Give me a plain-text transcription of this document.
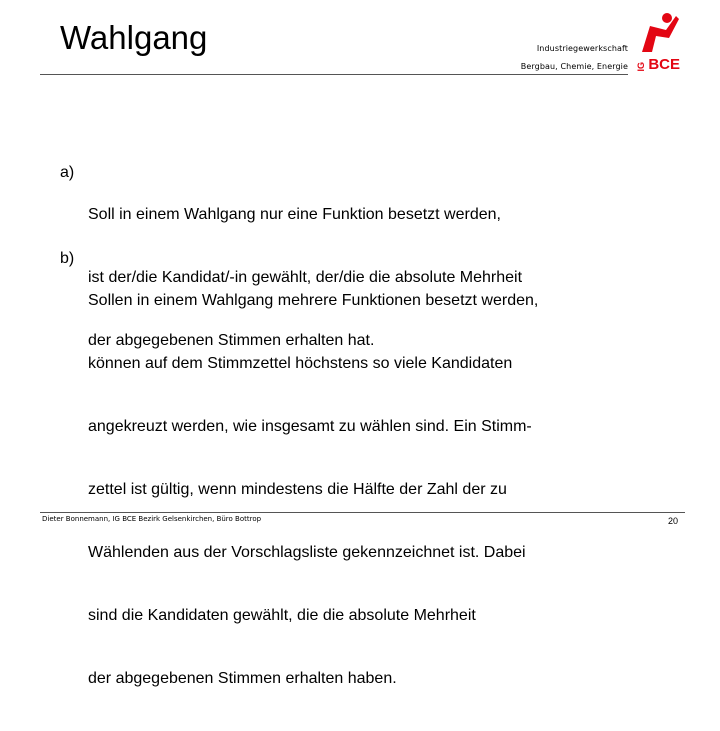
Wahlgang	Industriegewerkschaft
Bergbau, Chemie, Energie IG BCE
a)

Soll in einem Wahlgang nur eine Funktion besetzt werden,

ist der/die Kandidat/-in gewählt, der/die die absolute Mehrheit

der abgegebenen Stimmen erhalten hat.

b)

Sollen in einem Wahlgang mehrere Funktionen besetzt werden,

können auf dem Stimmzettel höchstens so viele Kandidaten

angekreuzt werden, wie insgesamt zu wählen sind. Ein Stimm-

zettel ist gültig, wenn mindestens die Hälfte der Zahl der zu

Wählenden aus der Vorschlagsliste gekennzeichnet ist. Dabei

sind die Kandidaten gewählt, die die absolute Mehrheit

der abgegebenen Stimmen erhalten haben.

Dieter Bonnemann, IG BCE Bezirk Gelsenkirchen, Büro Bottrop	20
